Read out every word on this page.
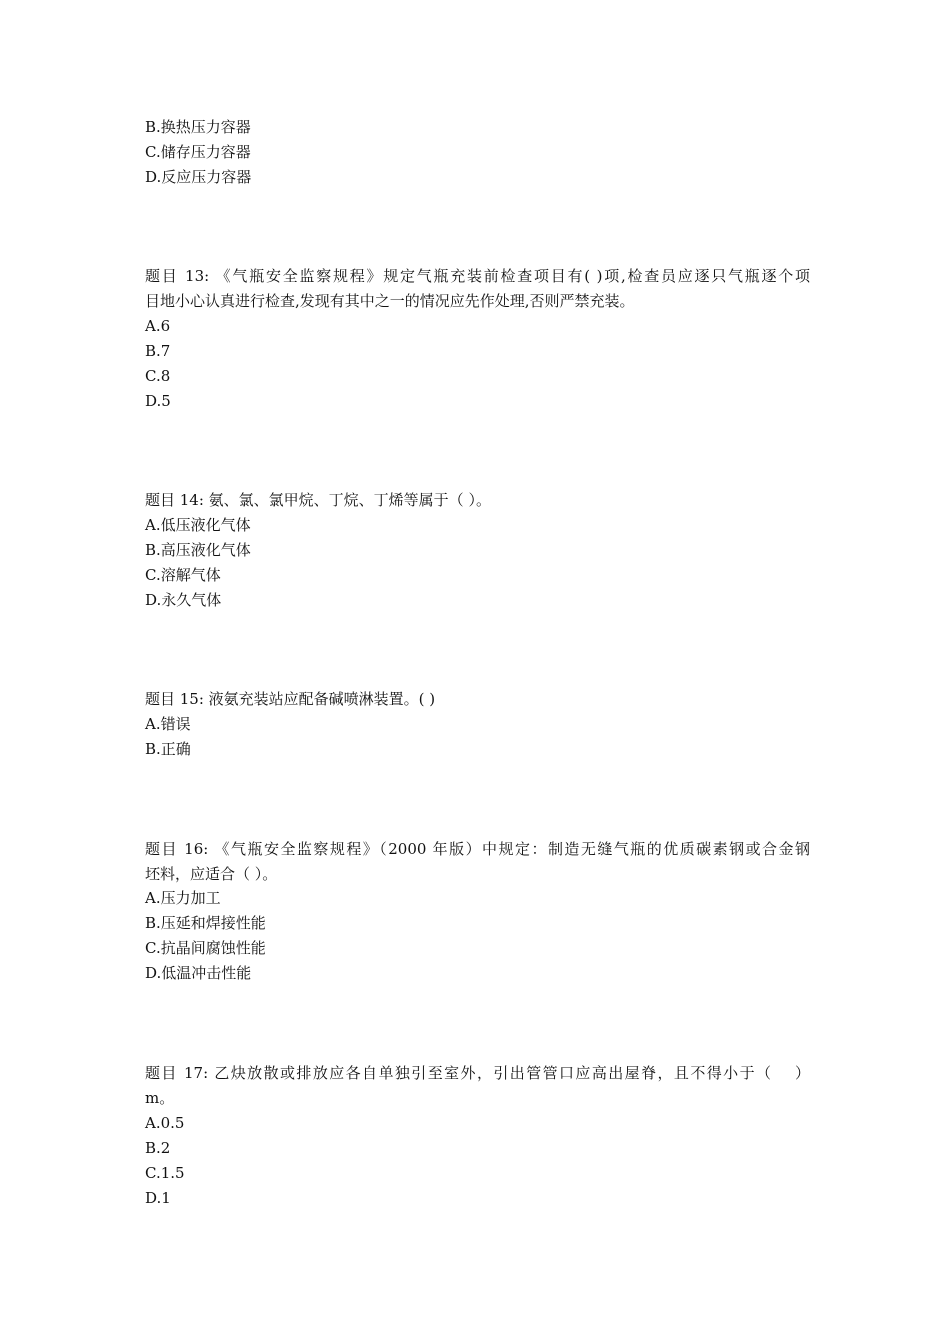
B.换热压力容器
C.储存压力容器
D.反应压力容器
题目 13: 《气瓶安全监察规程》规定气瓶充装前检查项目有( )项,检查员应逐只气瓶逐个项
目地小心认真进行检查,发现有其中之一的情况应先作处理,否则严禁充装。
A.6
B.7
C.8
D.5
题目 14: 氨、氯、氯甲烷、丁烷、丁烯等属于（ ）。
A.低压液化气体
B.高压液化气体
C.溶解气体
D.永久气体
题目 15: 液氨充装站应配备碱喷淋装置。( )
A.错误
B.正确
题目 16: 《气瓶安全监察规程》（2000 年版）中规定：制造无缝气瓶的优质碳素钢或合金钢
坯料，应适合（ ）。
A.压力加工
B.压延和焊接性能
C.抗晶间腐蚀性能
D.低温冲击性能
题目 17: 乙炔放散或排放应各自单独引至室外，引出管管口应高出屋脊，且不得小于（　 ）
m。
A.0.5
B.2
C.1.5
D.1
